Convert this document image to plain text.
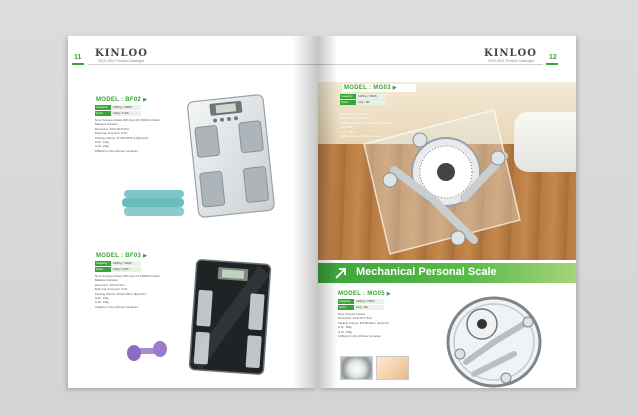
11 KINLOO
2010-2011 Product Catalogue
MODEL : BF02 ▶
Capacity	150Kg / 330lb
Grad	100g / 0.2lb
6mm Tempered Glass With 2pcs Of CR2032 Lithium
Batteries Included
Dimension: 32.5×32.5×3cm
Body Fat Increment: 0.1%
Packing Volume: 37×36×48.5cm (5pcs/ctn)
N.W.: 14kg
G.W.: 16kg
1860pcs In One 20 Feet Container
MODEL : BF03 ▶
Capacity	150Kg / 330lb
Grad	100g / 0.2lb
6mm Tempered Glass With 2pcs Of CR2032 Lithium
Batteries Included
Dimension: 32×34×3cm
Body Fat Increment: 0.1%
Packing Volume: 36×37×49cm (5pcs/ctn)
N.W.: 13kg
G.W.: 15kg
2120pcs In One 20 Feet Container
KINLOO
2010-2011 Product Catalogue 12
MODEL : MG03 ▶
Capacity	120Kg / 260lb
Grad	1Kg / 2lb
8mm Tempered Glass
Dimension: 30×30×6cm
Packing Volume: 37.5×31×48cm (3pcs/ctn)
N.W.: 16kg
G.W.: 18kg
1200pcs In One 20 Feet Container
Mechanical Personal Scale
MODEL : MG05 ▶
Capacity	120Kg / 260lb
Grad	1Kg / 2lb
8mm Tempered Glass
Dimension: 32.5×34.7×6cm
Packing Volume: 34×48×36cm (4pcs/ctn)
N.W.: 18kg
G.W.: 22kg
1230pcs In One 20 Feet Container
